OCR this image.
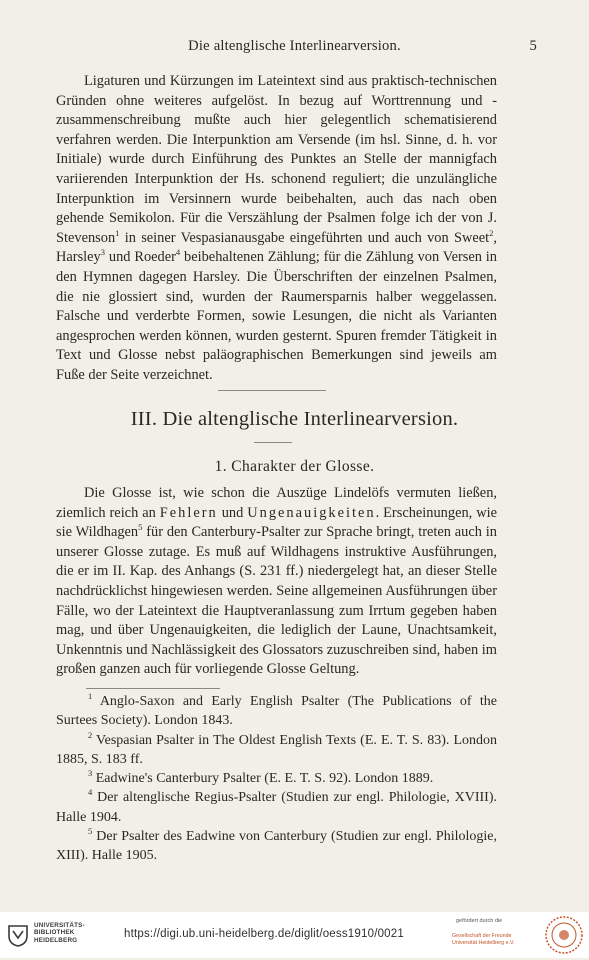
Die altenglische Interlinearversion.	5

Ligaturen und Kürzungen im Lateintext sind aus praktisch-technischen Gründen ohne weiteres aufgelöst. In bezug auf Worttrennung und -zusammenschreibung mußte auch hier gelegentlich schematisierend verfahren werden. Die Interpunktion am Versende (im hsl. Sinne, d. h. vor Initiale) wurde durch Einführung des Punktes an Stelle der mannigfach variierenden Interpunktion der Hs. schonend reguliert; die unzulängliche Interpunktion im Versinnern wurde beibehalten, auch das nach oben gehende Semikolon. Für die Verszählung der Psalmen folge ich der von J. Stevenson$^1$ in seiner Vespasianausgabe eingeführten und auch von Sweet$^2$, Harsley$^3$ und Roeder$^4$ beibehaltenen Zählung; für die Zählung von Versen in den Hymnen dagegen Harsley. Die Überschriften der einzelnen Psalmen, die nie glossiert sind, wurden der Raumersparnis halber weggelassen. Falsche und verderbte Formen, sowie Lesungen, die nicht als Varianten angesprochen werden können, wurden gesternt. Spuren fremder Tätigkeit in Text und Glosse nebst paläographischen Bemerkungen sind jeweils am Fuße der Seite verzeichnet.

III. Die altenglische Interlinearversion.
1. Charakter der Glosse.

Die Glosse ist, wie schon die Auszüge Lindelöfs vermuten ließen, ziemlich reich an Fehlern und Ungenauigkeiten. Erscheinungen, wie sie Wildhagen$^5$ für den Canterbury-Psalter zur Sprache bringt, treten auch in unserer Glosse zutage. Es muß auf Wildhagens instruktive Ausführungen, die er im II. Kap. des Anhangs (S. 231 ff.) niedergelegt hat, an dieser Stelle nachdrücklichst hingewiesen werden. Seine allgemeinen Ausführungen über Fälle, wo der Lateintext die Hauptveranlassung zum Irrtum gegeben haben mag, und über Ungenauigkeiten, die lediglich der Laune, Unachtsamkeit, Unkenntnis und Nachlässigkeit des Glossators zuzuschreiben sind, haben im großen ganzen auch für vorliegende Glosse Geltung.

$^1$ Anglo-Saxon and Early English Psalter (The Publications of the Surtees Society). London 1843.

$^2$ Vespasian Psalter in The Oldest English Texts (E. E. T. S. 83). London 1885, S. 183 ff.

$^3$ Eadwine's Canterbury Psalter (E. E. T. S. 92). London 1889.

$^4$ Der altenglische Regius-Psalter (Studien zur engl. Philologie, XVIII). Halle 1904.

$^5$ Der Psalter des Eadwine von Canterbury (Studien zur engl. Philologie, XIII). Halle 1905.

UNIVERSITÄTS-
BIBLIOTHEK
HEIDELBERG
https://digi.ub.uni-heidelberg.de/diglit/oess1910/0021
gefördert durch die
Gesellschaft der Freunde
Universität Heidelberg e.V.
